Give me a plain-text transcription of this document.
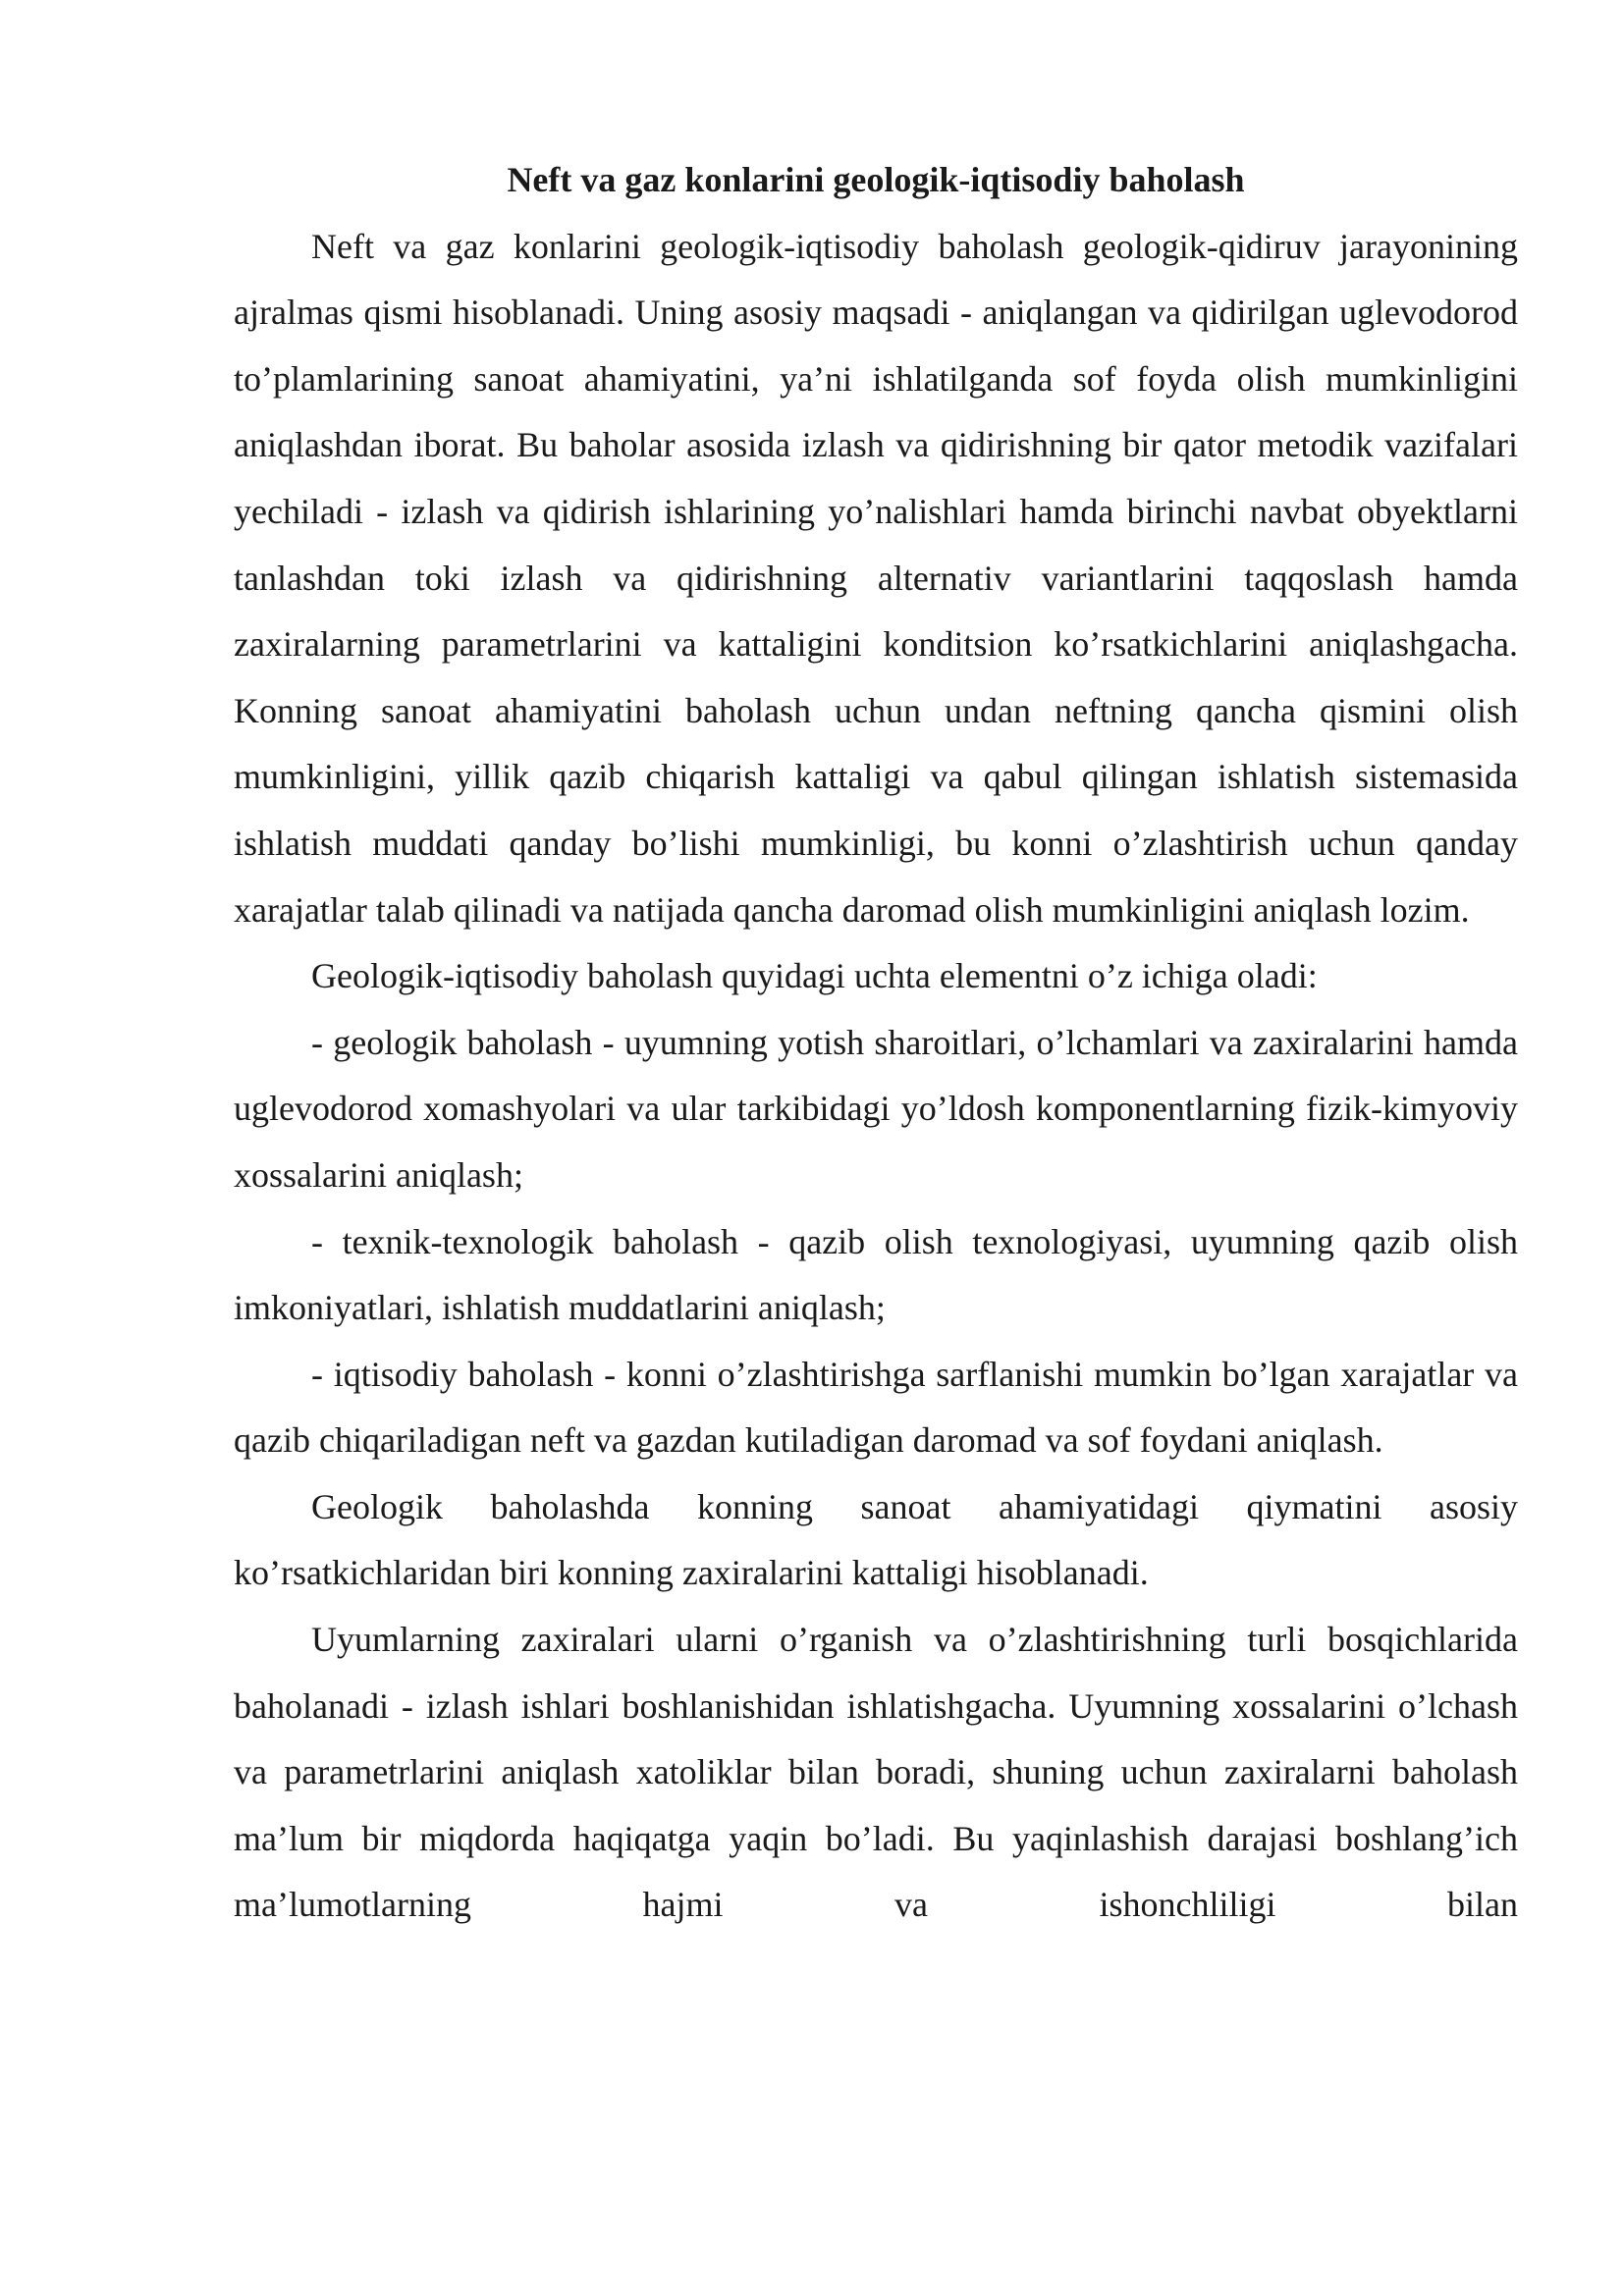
Neft va gaz konlarini geologik-iqtisodiy baholash

Neft va gaz konlarini geologik-iqtisodiy baholash geologik-qidiruv jarayonining ajralmas qismi hisoblanadi. Uning asosiy maqsadi - aniqlangan va qidirilgan uglevodorod to’plamlarining sanoat ahamiyatini, ya’ni ishlatilganda sof foyda olish mumkinligini aniqlashdan iborat. Bu baholar asosida izlash va qidirishning bir qator metodik vazifalari yechiladi - izlash va qidirish ishlarining yo’nalishlari hamda birinchi navbat obyektlarni tanlashdan toki izlash va qidirishning alternativ variantlarini taqqoslash hamda zaxiralarning parametrlarini va kattaligini konditsion ko’rsatkichlarini aniqlashgacha. Konning sanoat ahamiyatini baholash uchun undan neftning qancha qismini olish mumkinligini, yillik qazib chiqarish kattaligi va qabul qilingan ishlatish sistemasida ishlatish muddati qanday bo’lishi mumkinligi, bu konni o’zlashtirish uchun qanday xarajatlar talab qilinadi va natijada qancha daromad olish mumkinligini aniqlash lozim.

Geologik-iqtisodiy baholash quyidagi uchta elementni o’z ichiga oladi:

- geologik baholash - uyumning yotish sharoitlari, o’lchamlari va zaxiralarini hamda uglevodorod xomashyolari va ular tarkibidagi yo’ldosh komponentlarning fizik-kimyoviy xossalarini aniqlash;

- texnik-texnologik baholash - qazib olish texnologiyasi, uyumning qazib olish imkoniyatlari, ishlatish muddatlarini aniqlash;

- iqtisodiy baholash - konni o’zlashtirishga sarflanishi mumkin bo’lgan xarajatlar va qazib chiqariladigan neft va gazdan kutiladigan daromad va sof foydani aniqlash.

Geologik baholashda konning sanoat ahamiyatidagi qiymatini asosiy ko’rsatkichlaridan biri konning zaxiralarini kattaligi hisoblanadi.

Uyumlarning zaxiralari ularni o’rganish va o’zlashtirishning turli bosqichlarida baholanadi - izlash ishlari boshlanishidan ishlatishgacha. Uyumning xossalarini o’lchash va parametrlarini aniqlash xatoliklar bilan boradi, shuning uchun zaxiralarni baholash ma’lum bir miqdorda haqiqatga yaqin bo’ladi. Bu yaqinlashish darajasi boshlang’ich ma’lumotlarning hajmi va ishonchliligi bilan
